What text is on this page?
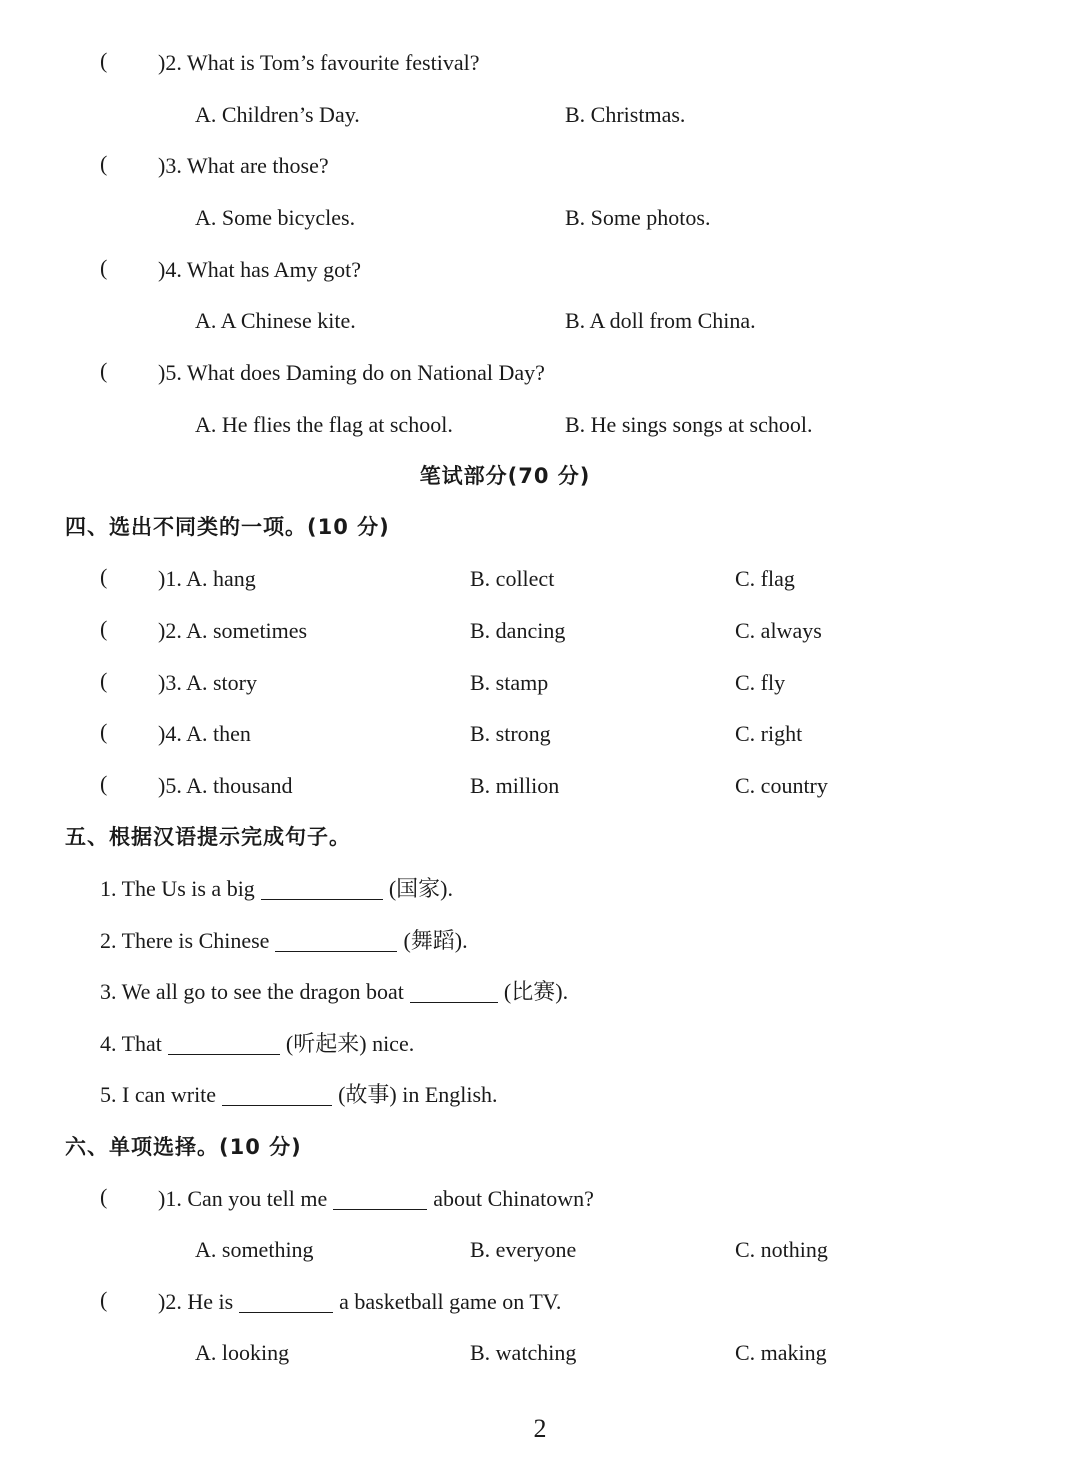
( )2. What is Tom’s favourite festival?
A. Children’s Day.	B. Christmas.
( )3. What are those?
A. Some bicycles.	B. Some photos.
( )4. What has Amy got?
A. A Chinese kite.	B. A doll from China.
( )5. What does Daming do on National Day?
A. He flies the flag at school.	B. He sings songs at school.
笔试部分(70 分)
四、选出不同类的一项。(10 分)
( )1. A. hang	B. collect	C. flag
( )2. A. sometimes	B. dancing	C. always
( )3. A. story	B. stamp	C. fly
( )4. A. then	B. strong	C. right
( )5. A. thousand	B. million	C. country
五、根据汉语提示完成句子。
1. The Us is a big	(国家).
2. There is Chinese	(舞蹈).
3. We all go to see the dragon boat	(比赛).
4. That	(听起来) nice.
5. I can write	(故事) in English.
六、单项选择。(10 分)
( )1. Can you tell me	about Chinatown?
A. something	B. everyone	C. nothing
( )2. He is	a basketball game on TV.
A. looking	B. watching	C. making
2
